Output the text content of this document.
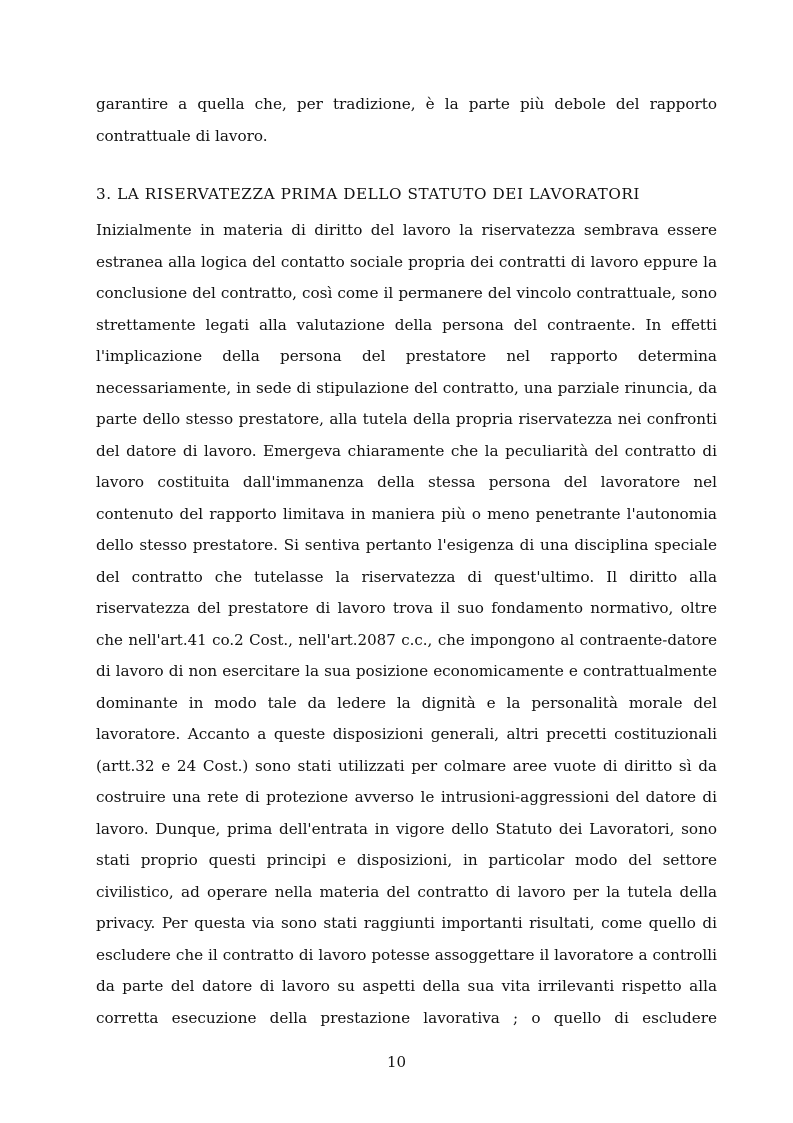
garantire a quella che, per tradizione, è la parte più debole del rapporto
contrattuale di lavoro.
3. LA RISERVATEZZA PRIMA DELLO STATUTO DEI LAVORATORI
Inizialmente in materia di diritto del lavoro la riservatezza sembrava essere
estranea alla logica del contatto sociale propria dei contratti di lavoro eppure la
conclusione del contratto, così come il permanere del vincolo contrattuale, sono
strettamente legati alla valutazione della persona del contraente. In effetti
l'implicazione della persona del prestatore nel rapporto determina
necessariamente, in sede di stipulazione del contratto, una parziale rinuncia, da
parte dello stesso prestatore, alla tutela della propria riservatezza nei confronti
del datore di lavoro. Emergeva chiaramente che la peculiarità del contratto di
lavoro costituita dall'immanenza della stessa persona del lavoratore nel
contenuto del rapporto limitava in maniera più o meno penetrante l'autonomia
dello stesso prestatore. Si sentiva pertanto l'esigenza di una disciplina speciale
del contratto che tutelasse la riservatezza di quest'ultimo. Il diritto alla
riservatezza del prestatore di lavoro trova il suo fondamento normativo, oltre
che nell'art.41 co.2 Cost., nell'art.2087 c.c., che impongono al contraente-datore
di lavoro di non esercitare la sua posizione economicamente e contrattualmente
dominante in modo tale da ledere la dignità e la personalità morale del
lavoratore. Accanto a queste disposizioni generali, altri precetti costituzionali
(artt.32 e 24 Cost.) sono stati utilizzati per colmare aree vuote di diritto sì da
costruire una rete di protezione avverso le intrusioni-aggressioni del datore di
lavoro. Dunque, prima dell'entrata in vigore dello Statuto dei Lavoratori, sono
stati proprio questi principi e disposizioni, in particolar modo del settore
civilistico, ad operare nella materia del contratto di lavoro per la tutela della
privacy. Per questa via sono stati raggiunti importanti risultati, come quello di
escludere che il contratto di lavoro potesse assoggettare il lavoratore a controlli
da parte del datore di lavoro su aspetti della sua vita irrilevanti rispetto alla
corretta esecuzione della prestazione lavorativa ; o quello di escludere
10
